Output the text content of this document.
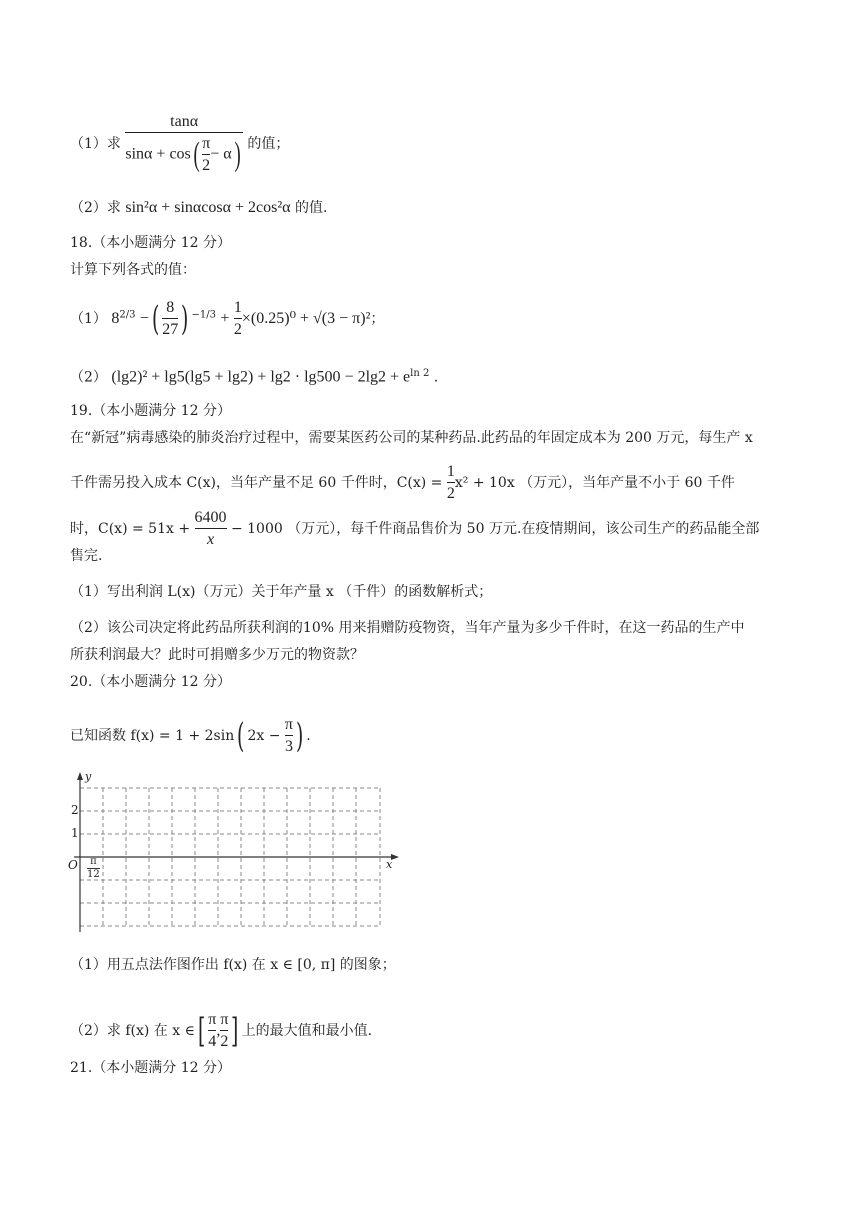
（1）求 $\frac{\tan\alpha}{\sin\alpha + \cos( \frac{\pi}{2} - \alpha)}$ 的值；
（2）求 sin²α + sinαcosα + 2cos²α 的值.
18.（本小题满分 12 分）
计算下列各式的值：
（1） $8^{2/3}$ −( $\frac{8}{27}$ ) $^{-1/3} + \frac{1}{2} \times(0.25)^0 + √(3 - \pi)^2$；
（2） $(\lg 2)^2 + \lg 5(\lg 5 + \lg 2) + \lg 2 \cdot \lg 500 - 2\lg 2 + e^{ln 2}$ .
19.（本小题满分 12 分）
在“新冠”病毒感染的肺炎治疗过程中，需要某医药公司的某种药品.此药品的年固定成本为 200 万元，每生产 x
千件需另投入成本 C(x)，当年产量不足 60 千件时，$C(x) = \frac{1}{2} x^2 + 10x$ （万元），当年产量不小于 60 千件
时，$C(x) = 51x + \frac{6400}{x} - 1000$ （万元），每千件商品售价为 50 万元.在疫情期间，该公司生产的药品能全部
售完.
（1）写出利润 L(x)（万元）关于年产量 x （千件）的函数解析式；
（2）该公司决定将此药品所获利润的10% 用来捐赠防疫物资，当年产量为多少千件时，在这一药品的生产中
所获利润最大？此时可捐赠多少万元的物资款？
20.（本小题满分 12 分）
已知函数 f(x) = 1 + 2sin( $2x - \frac{\pi}{3}$ ) .
y
x
O
2
1
π
12
（1）用五点法作图作出 f(x) 在 x ∈ [0, π] 的图象；
（2）求 f(x) 在 x ∈[ $\frac{\pi}{4}$ , $\frac{\pi}{2}$ ] 上的最大值和最小值.
21.（本小题满分 12 分）
